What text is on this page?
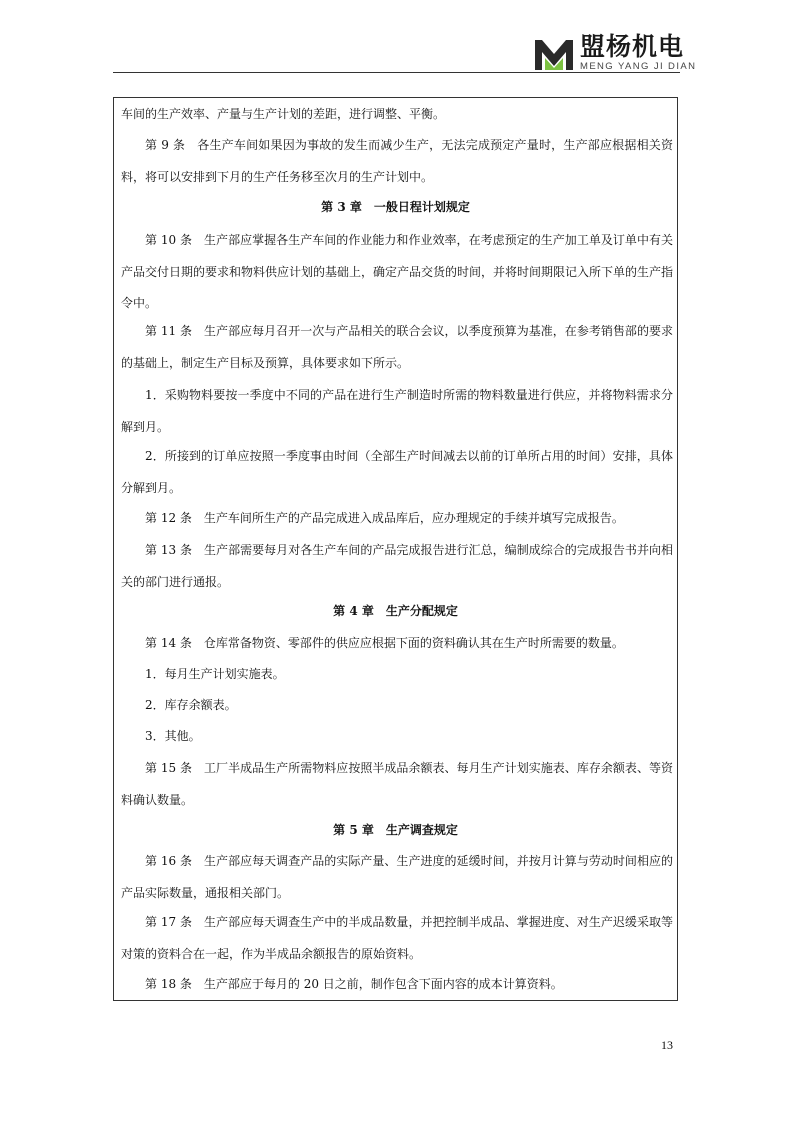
盟杨机电
MENG YANG JI DIAN
车间的生产效率、产量与生产计划的差距，进行调整、平衡。
第 9 条　各生产车间如果因为事故的发生而减少生产，无法完成预定产量时，生产部应根据相关资料，将可以安排到下月的生产任务移至次月的生产计划中。
第 3 章　一般日程计划规定
第 10 条　生产部应掌握各生产车间的作业能力和作业效率，在考虑预定的生产加工单及订单中有关产品交付日期的要求和物料供应计划的基础上，确定产品交货的时间，并将时间期限记入所下单的生产指令中。
第 11 条　生产部应每月召开一次与产品相关的联合会议，以季度预算为基准，在参考销售部的要求的基础上，制定生产目标及预算，具体要求如下所示。
1．采购物料要按一季度中不同的产品在进行生产制造时所需的物料数量进行供应，并将物料需求分解到月。
2．所接到的订单应按照一季度事由时间（全部生产时间减去以前的订单所占用的时间）安排，具体分解到月。
第 12 条　生产车间所生产的产品完成进入成品库后，应办理规定的手续并填写完成报告。
第 13 条　生产部需要每月对各生产车间的产品完成报告进行汇总，编制成综合的完成报告书并向相关的部门进行通报。
第 4 章　生产分配规定
第 14 条　仓库常备物资、零部件的供应应根据下面的资料确认其在生产时所需要的数量。
1．每月生产计划实施表。
2．库存余额表。
3．其他。
第 15 条　工厂半成品生产所需物料应按照半成品余额表、每月生产计划实施表、库存余额表、等资料确认数量。
第 5 章　生产调查规定
第 16 条　生产部应每天调查产品的实际产量、生产进度的延缓时间，并按月计算与劳动时间相应的产品实际数量，通报相关部门。
第 17 条　生产部应每天调查生产中的半成品数量，并把控制半成品、掌握进度、对生产迟缓采取等对策的资料合在一起，作为半成品余额报告的原始资料。
第 18 条　生产部应于每月的 20 日之前，制作包含下面内容的成本计算资料。
13
